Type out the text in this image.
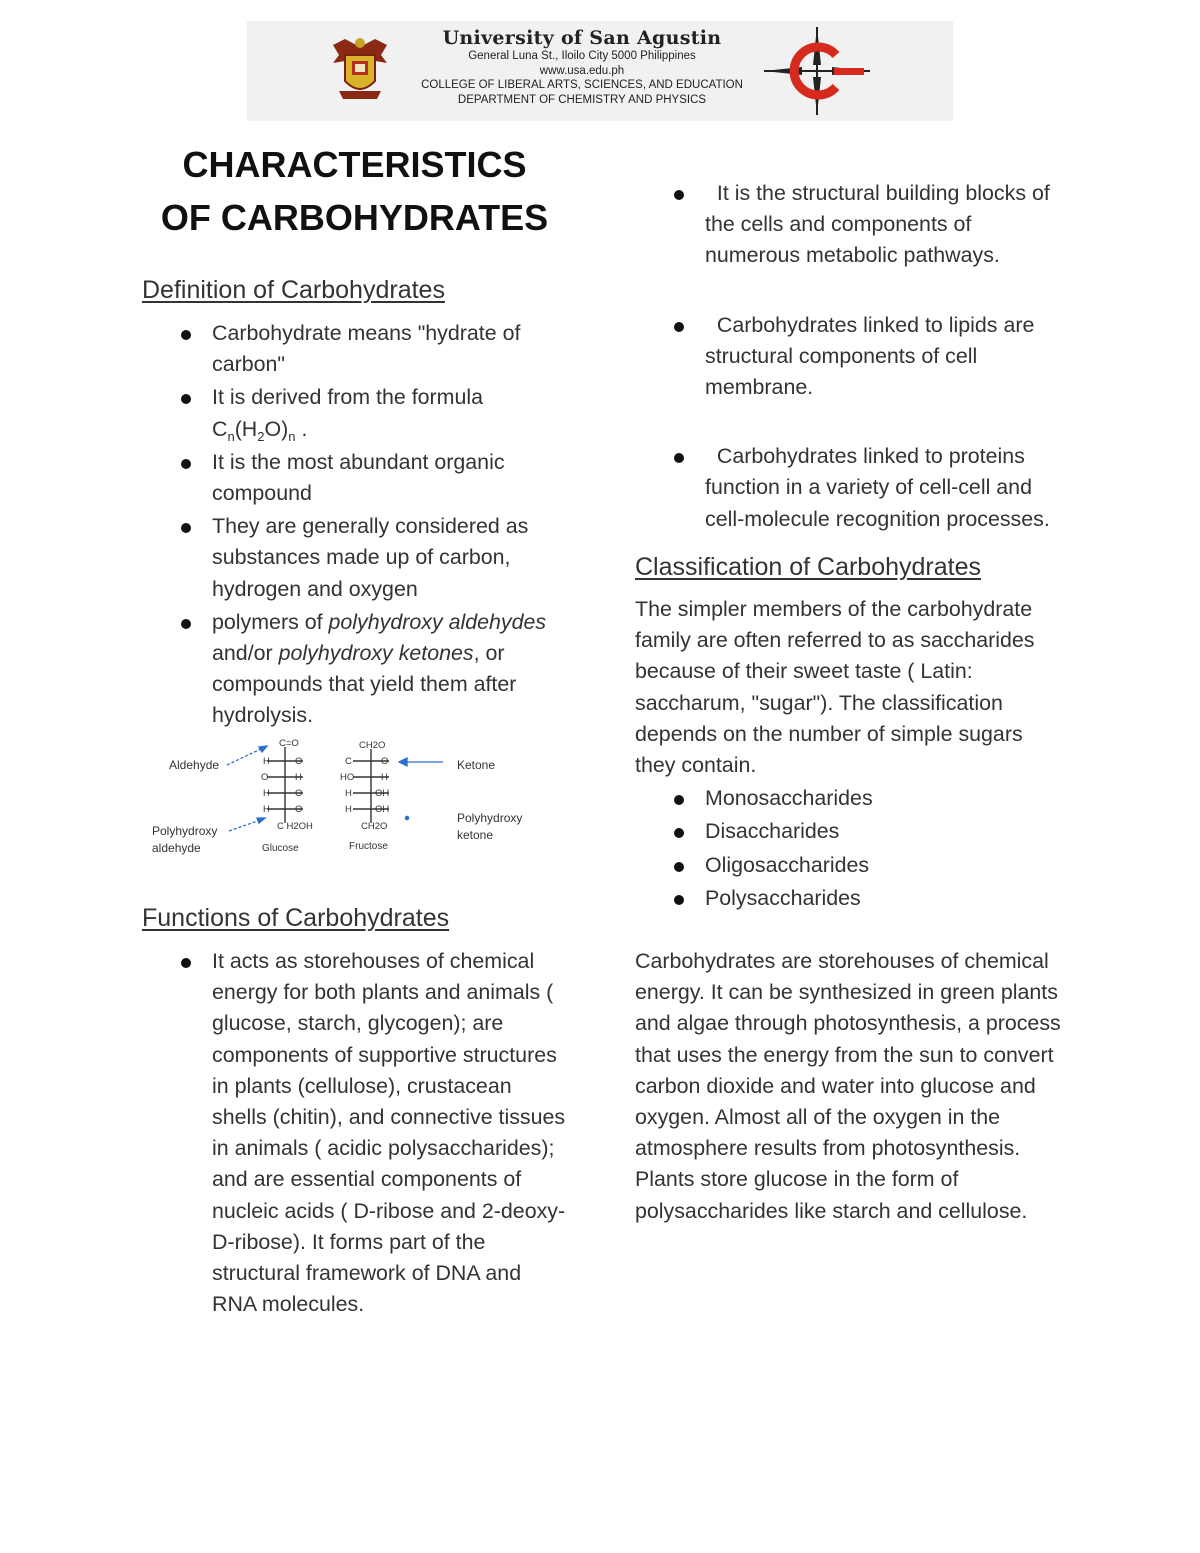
University of San Agustin
General Luna St., Iloilo City 5000 Philippines
www.usa.edu.ph
COLLEGE OF LIBERAL ARTS, SCIENCES, AND EDUCATION
DEPARTMENT OF CHEMISTRY AND PHYSICS

CHARACTERISTICS
OF CARBOHYDRATES

Definition of Carbohydrates
Carbohydrate means "hydrate of carbon"
It is derived from the formula
$C_n(H_2O)_n$ .
It is the most abundant organic compound
They are generally considered as substances made up of carbon, hydrogen and oxygen
polymers of polyhydroxy aldehydes and/or polyhydroxy ketones, or compounds that yield them after hydrolysis.
C=O
H	O
O	H
H	O
H	O
C H2OH
CH2O
C	O
HO	H
H OH
H OH
CH2O
Aldehyde
Polyhydroxy
aldehyde
Ketone
Polyhydroxy
ketone
Glucose	Fructose
Functions of Carbohydrates
It acts as storehouses of chemical energy for both plants and animals ( glucose, starch, glycogen); are components of supportive structures in plants (cellulose), crustacean shells (chitin), and connective tissues in animals ( acidic polysaccharides); and are essential components of nucleic acids ( D-ribose and 2-deoxy-D-ribose). It forms part of the structural framework of DNA and RNA molecules.

It is the structural building blocks of the cells and components of numerous metabolic pathways.

Carbohydrates linked to lipids are structural components of cell membrane.

Carbohydrates linked to proteins function in a variety of cell-cell and cell-molecule recognition processes.

Classification of Carbohydrates

The simpler members of the carbohydrate family are often referred to as saccharides because of their sweet taste ( Latin: saccharum, "sugar"). The classification depends on the number of simple sugars they contain.

Monosaccharides
Disaccharides
Oligosaccharides
Polysaccharides

Carbohydrates are storehouses of chemical energy. It can be synthesized in green plants and algae through photosynthesis, a process that uses the energy from the sun to convert carbon dioxide and water into glucose and oxygen. Almost all of the oxygen in the atmosphere results from photosynthesis.

Plants store glucose in the form of polysaccharides like starch and cellulose.
